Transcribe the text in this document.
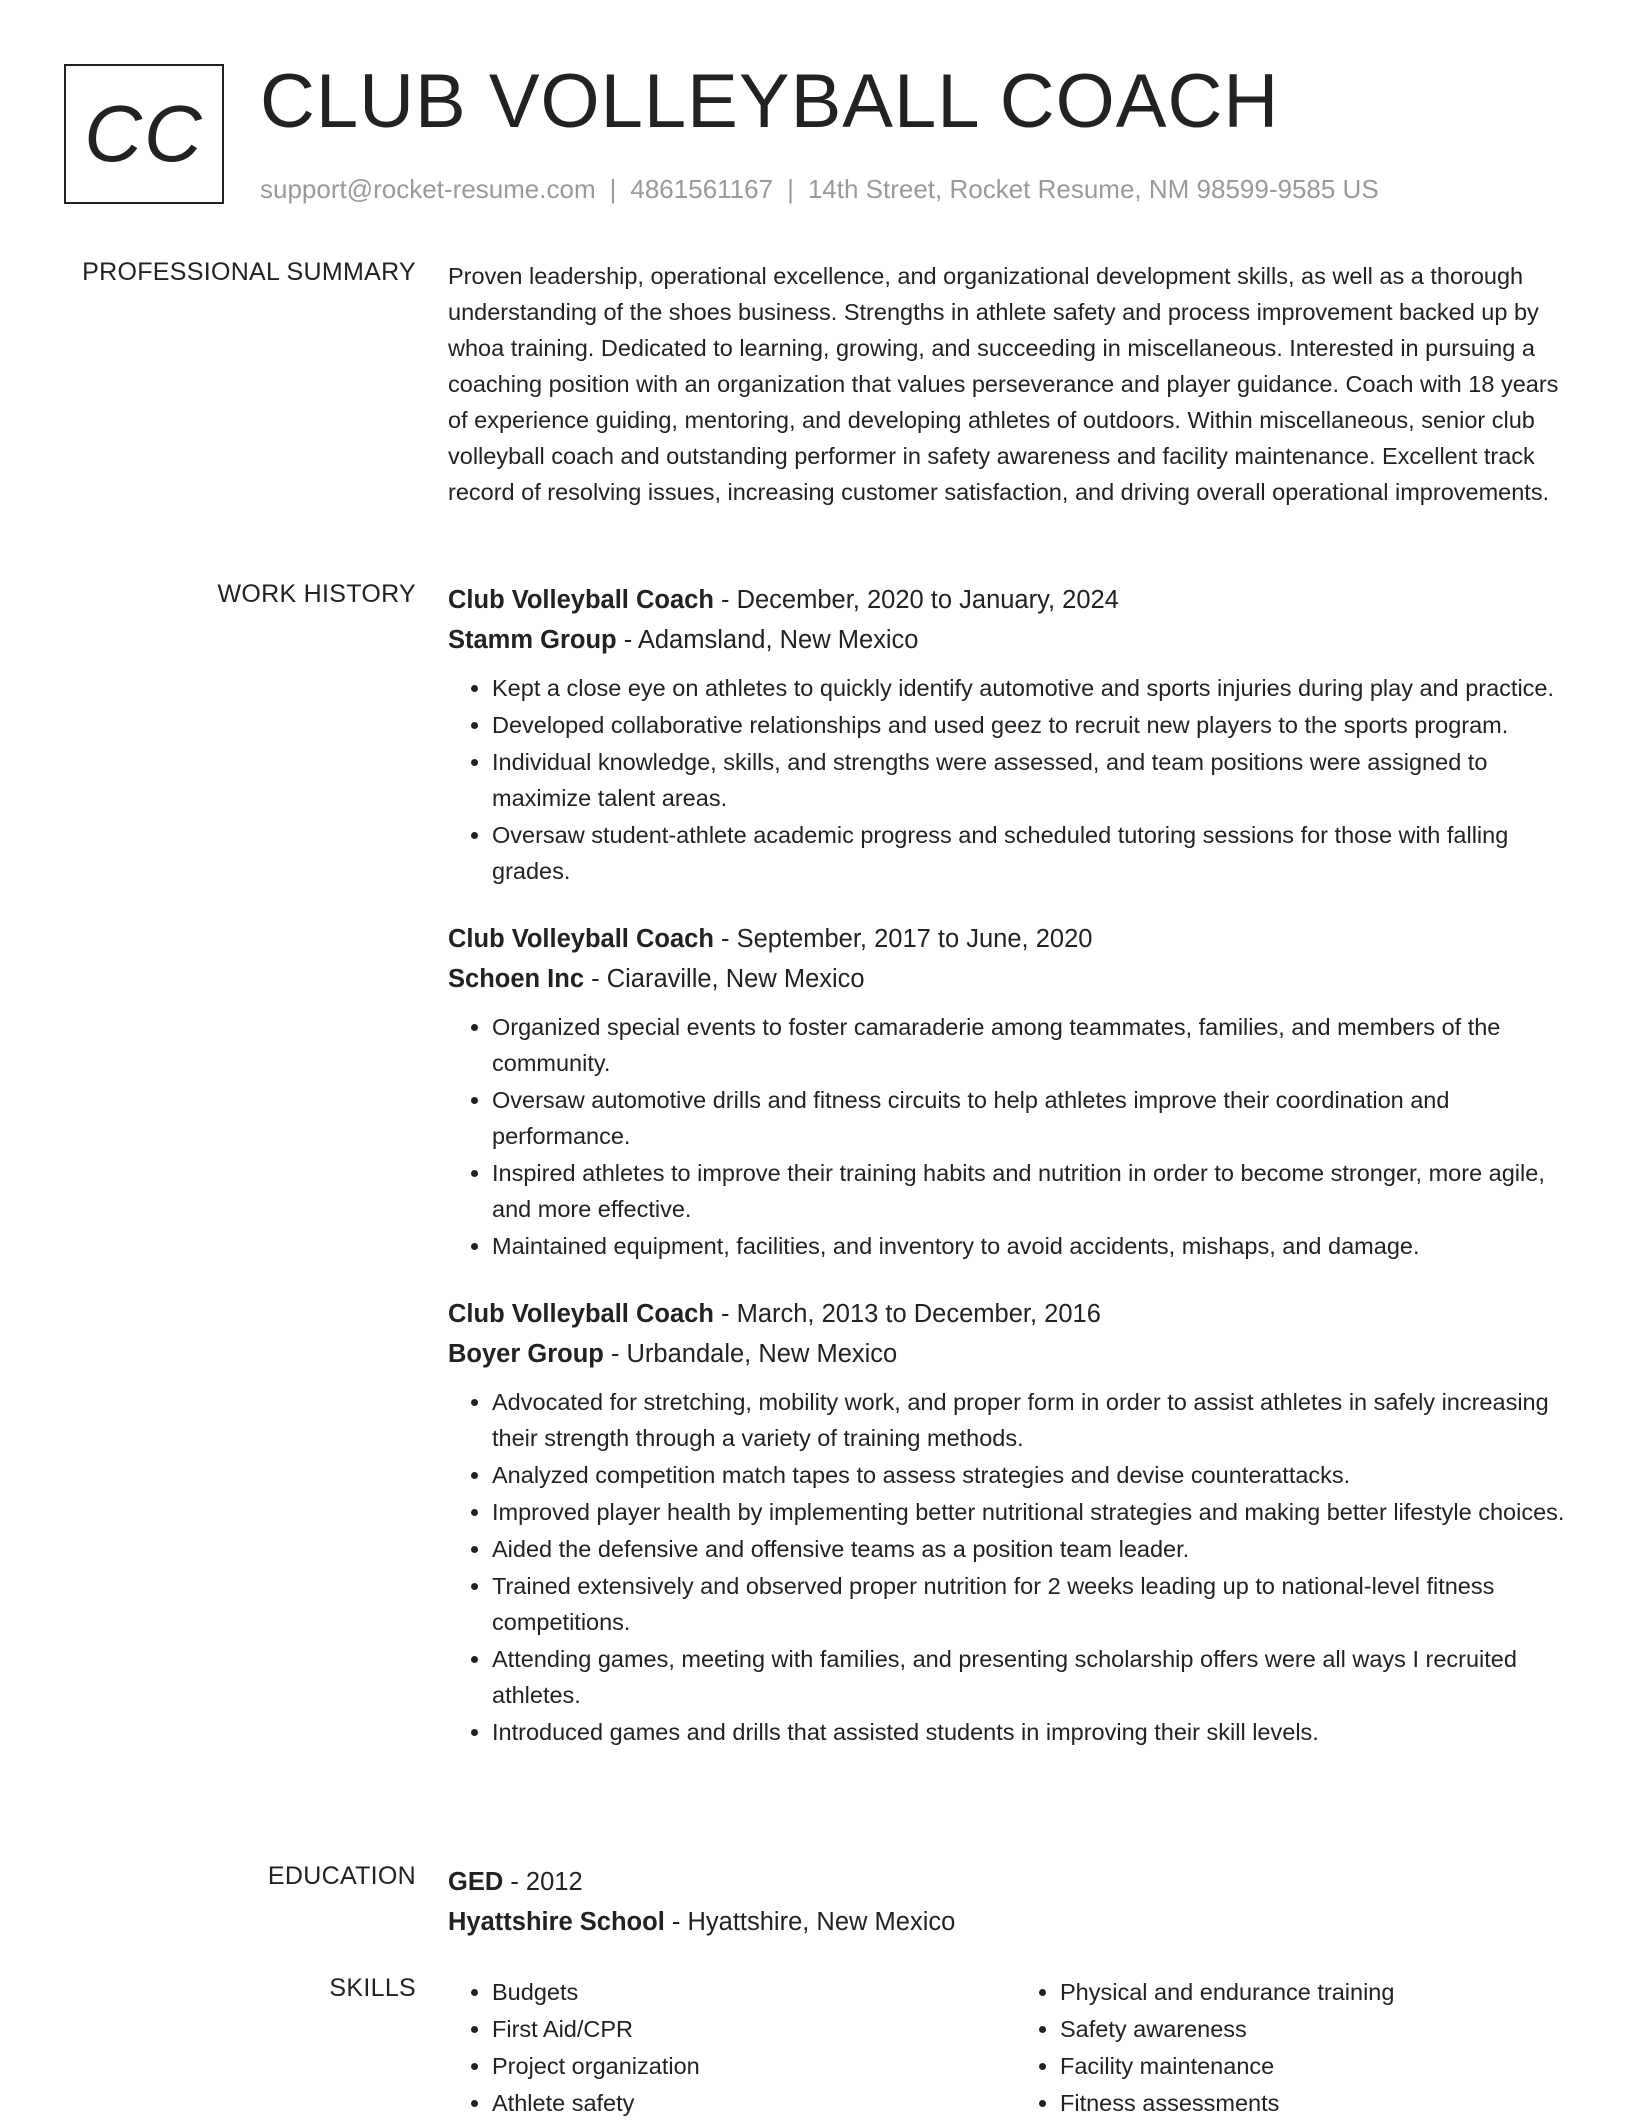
CC CLUB VOLLEYBALL COACH
support@rocket-resume.com | 4861561167 | 14th Street, Rocket Resume, NM 98599-9585 US
PROFESSIONAL SUMMARY Proven leadership, operational excellence, and organizational development skills, as well as a thorough understanding of the shoes business. Strengths in athlete safety and process improvement backed up by whoa training. Dedicated to learning, growing, and succeeding in miscellaneous. Interested in pursuing a coaching position with an organization that values perseverance and player guidance. Coach with 18 years of experience guiding, mentoring, and developing athletes of outdoors. Within miscellaneous, senior club volleyball coach and outstanding performer in safety awareness and facility maintenance. Excellent track record of resolving issues, increasing customer satisfaction, and driving overall operational improvements.

WORK HISTORY Club Volleyball Coach - December, 2020 to January, 2024
Stamm Group - Adamsland, New Mexico
• Kept a close eye on athletes to quickly identify automotive and sports injuries during play and practice.
• Developed collaborative relationships and used geez to recruit new players to the sports program.
• Individual knowledge, skills, and strengths were assessed, and team positions were assigned to maximize talent areas.
• Oversaw student-athlete academic progress and scheduled tutoring sessions for those with falling grades.
Club Volleyball Coach - September, 2017 to June, 2020
Schoen Inc - Ciaraville, New Mexico
• Organized special events to foster camaraderie among teammates, families, and members of the community.
• Oversaw automotive drills and fitness circuits to help athletes improve their coordination and performance.
• Inspired athletes to improve their training habits and nutrition in order to become stronger, more agile, and more effective.
• Maintained equipment, facilities, and inventory to avoid accidents, mishaps, and damage.
Club Volleyball Coach - March, 2013 to December, 2016
Boyer Group - Urbandale, New Mexico
• Advocated for stretching, mobility work, and proper form in order to assist athletes in safely increasing their strength through a variety of training methods.
• Analyzed competition match tapes to assess strategies and devise counterattacks.
• Improved player health by implementing better nutritional strategies and making better lifestyle choices.
• Aided the defensive and offensive teams as a position team leader.
• Trained extensively and observed proper nutrition for 2 weeks leading up to national-level fitness competitions.
• Attending games, meeting with families, and presenting scholarship offers were all ways I recruited athletes.
• Introduced games and drills that assisted students in improving their skill levels.
EDUCATION GED - 2012
Hyattshire School - Hyattshire, New Mexico
SKILLS
•	Budgets
• First Aid/CPR
• Project organization
• Athlete safety
• Physical and endurance training
• Safety awareness
• Facility maintenance
• Fitness assessments
